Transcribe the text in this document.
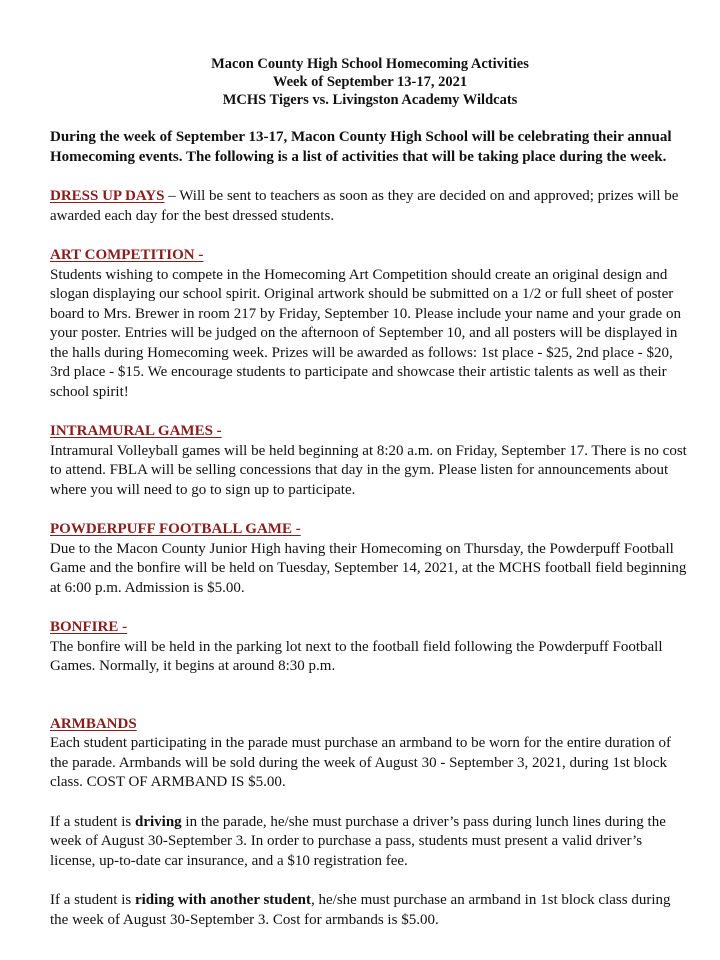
Macon County High School Homecoming Activities
Week of September 13-17, 2021
MCHS Tigers vs. Livingston Academy Wildcats
During the week of September 13-17, Macon County High School will be celebrating their annual Homecoming events. The following is a list of activities that will be taking place during the week.
DRESS UP DAYS – Will be sent to teachers as soon as they are decided on and approved; prizes will be awarded each day for the best dressed students.
ART COMPETITION -
Students wishing to compete in the Homecoming Art Competition should create an original design and slogan displaying our school spirit. Original artwork should be submitted on a 1/2 or full sheet of poster board to Mrs. Brewer in room 217 by Friday, September 10. Please include your name and your grade on your poster. Entries will be judged on the afternoon of September 10, and all posters will be displayed in the halls during Homecoming week. Prizes will be awarded as follows: 1st place - $25, 2nd place - $20, 3rd place - $15. We encourage students to participate and showcase their artistic talents as well as their school spirit!
INTRAMURAL GAMES -
Intramural Volleyball games will be held beginning at 8:20 a.m. on Friday, September 17. There is no cost to attend. FBLA will be selling concessions that day in the gym. Please listen for announcements about where you will need to go to sign up to participate.
POWDERPUFF FOOTBALL GAME -
Due to the Macon County Junior High having their Homecoming on Thursday, the Powderpuff Football Game and the bonfire will be held on Tuesday, September 14, 2021, at the MCHS football field beginning at 6:00 p.m. Admission is $5.00.
BONFIRE -
The bonfire will be held in the parking lot next to the football field following the Powderpuff Football Games. Normally, it begins at around 8:30 p.m.
ARMBANDS
Each student participating in the parade must purchase an armband to be worn for the entire duration of the parade. Armbands will be sold during the week of August 30 - September 3, 2021, during 1st block class. COST OF ARMBAND IS $5.00.
If a student is driving in the parade, he/she must purchase a driver’s pass during lunch lines during the week of August 30-September 3. In order to purchase a pass, students must present a valid driver’s license, up-to-date car insurance, and a $10 registration fee.
If a student is riding with another student, he/she must purchase an armband in 1st block class during the week of August 30-September 3. Cost for armbands is $5.00.
